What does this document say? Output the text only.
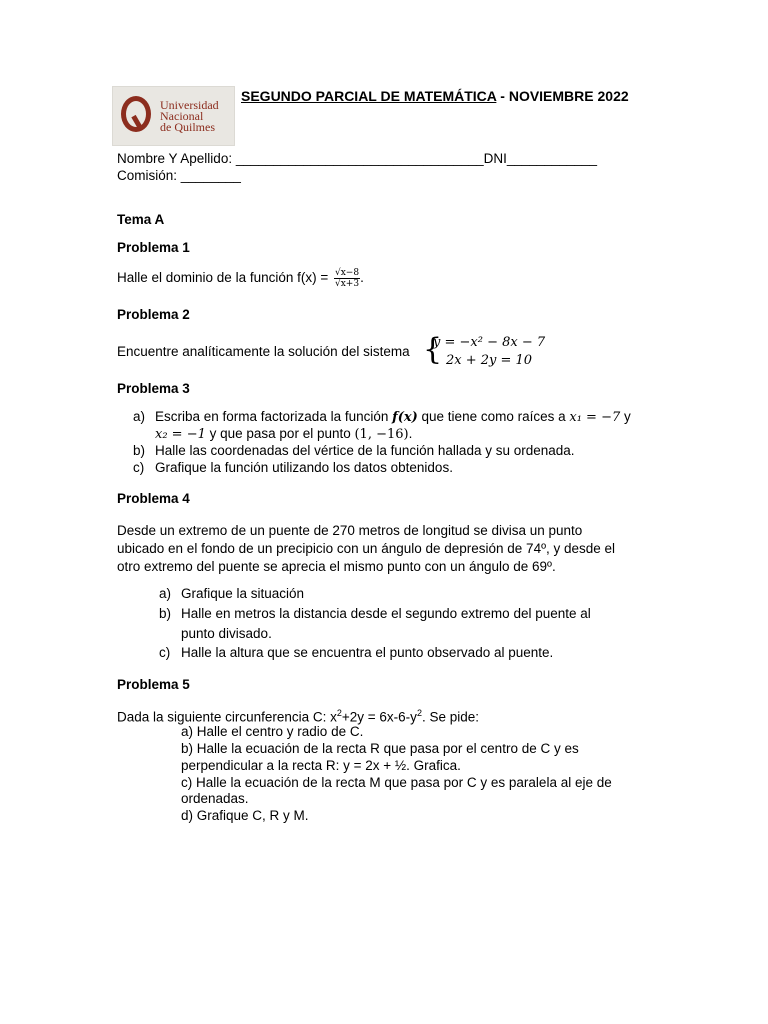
Universidad
Nacional
de Quilmes
SEGUNDO PARCIAL DE MATEMÁTICA - NOVIEMBRE 2022
Nombre Y Apellido: _________________________________DNI____________
Comisión: ________
Tema A
Problema 1
Halle el dominio de la función $f(x) = \frac{√x-8}{√x+3}$ .
Problema 2
Encuentre analíticamente la solución del sistema {
y = −x² − 8x − 7
2x + 2y = 10
Problema 3
a) Escriba en forma factorizada la función f(x) que tiene como raíces a x₁ = −7 y
x₂ = −1 y que pasa por el punto (1, −16).
b) Halle las coordenadas del vértice de la función hallada y su ordenada.
c) Grafique la función utilizando los datos obtenidos.
Problema 4
Desde un extremo de un puente de 270 metros de longitud se divisa un punto
ubicado en el fondo de un precipicio con un ángulo de depresión de 74º, y desde el
otro extremo del puente se aprecia el mismo punto con un ángulo de 69º.
a) Grafique la situación
b) Halle en metros la distancia desde el segundo extremo del puente al
punto divisado.
c) Halle la altura que se encuentra el punto observado al puente.
Problema 5
Dada la siguiente circunferencia C: $x^2+2y = 6x-6-y^2$. Se pide:
a) Halle el centro y radio de C.
b) Halle la ecuación de la recta R que pasa por el centro de C y es
perpendicular a la recta R: y = 2x + ½. Grafica.
c) Halle la ecuación de la recta M que pasa por C y es paralela al eje de
ordenadas.
d) Grafique C, R y M.
